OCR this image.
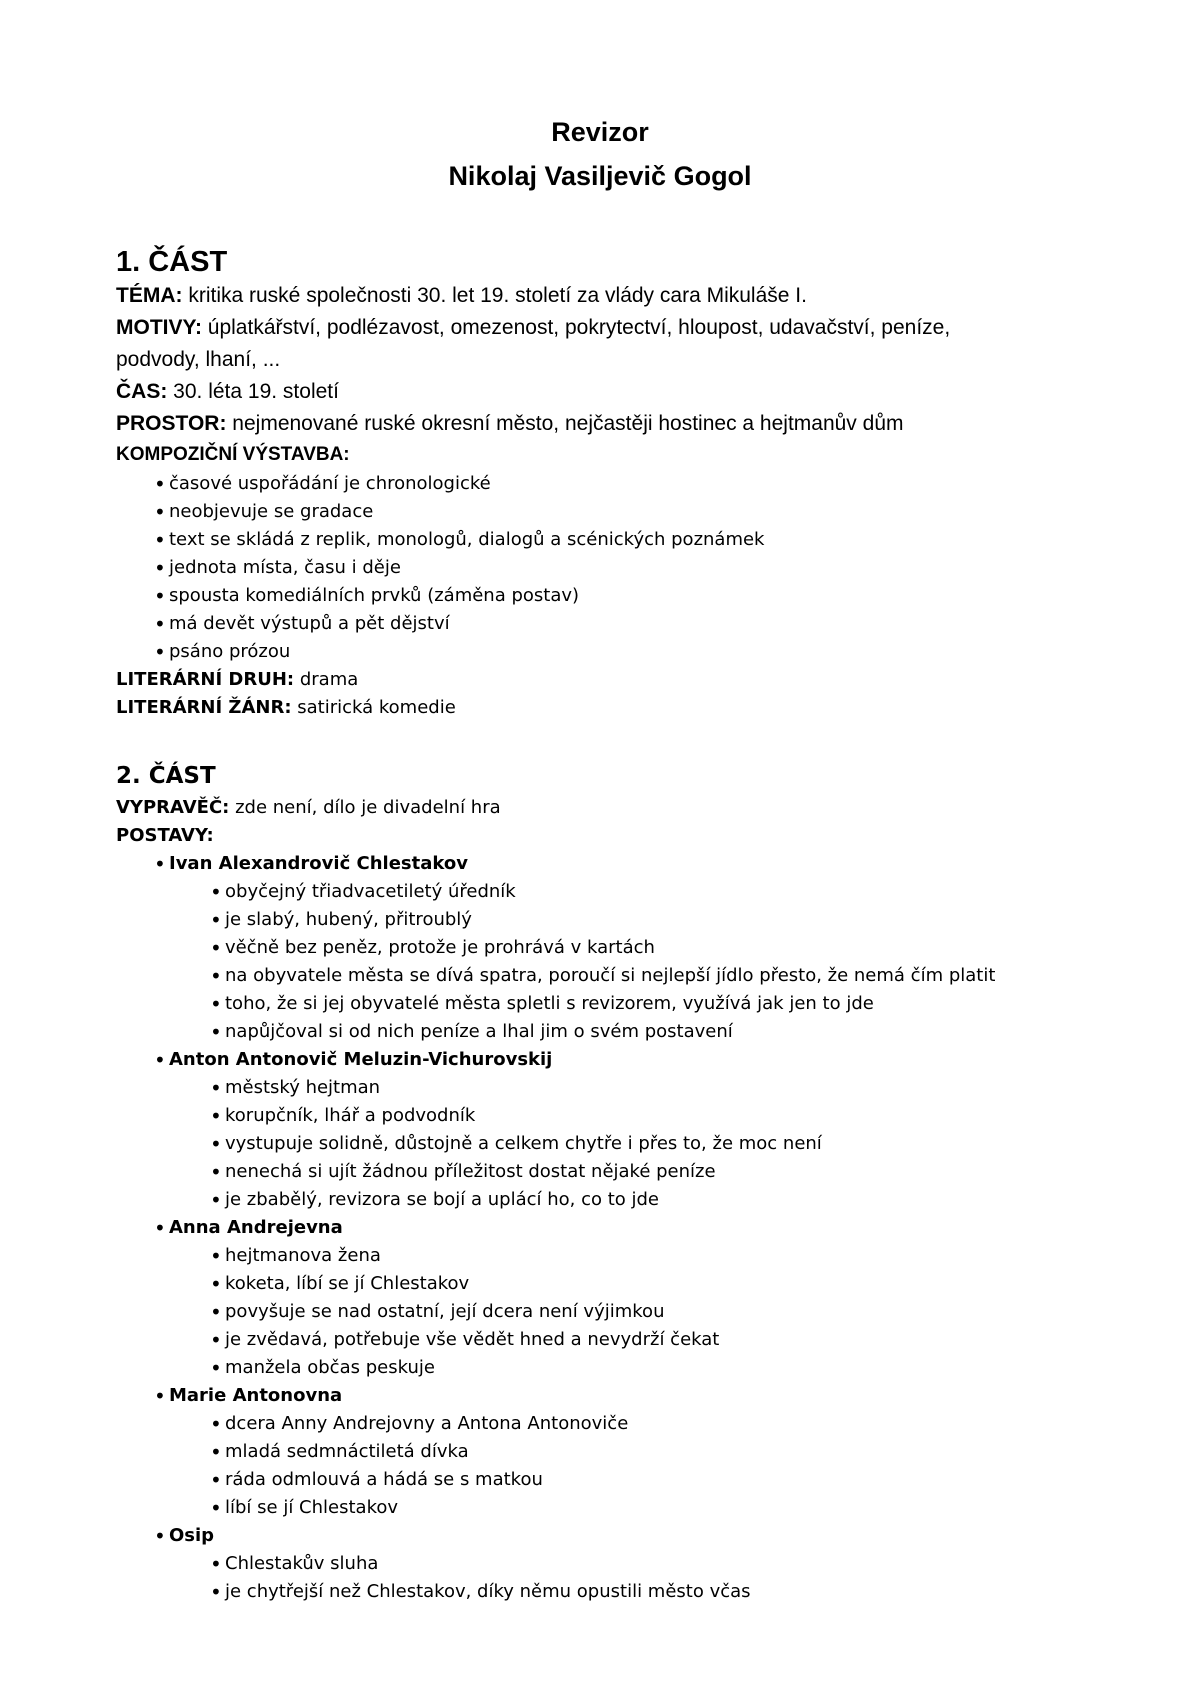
Revizor
Nikolaj Vasiljevič Gogol
1. ČÁST
TÉMA: kritika ruské společnosti 30. let 19. století za vlády cara Mikuláše I.
MOTIVY: úplatkářství, podlézavost, omezenost, pokrytectví, hloupost, udavačství, peníze,
podvody, lhaní, ...
ČAS: 30. léta 19. století
PROSTOR: nejmenované ruské okresní město, nejčastěji hostinec a hejtmanův dům
KOMPOZIČNÍ VÝSTAVBA:
• časové uspořádání je chronologické
• neobjevuje se gradace
• text se skládá z replik, monologů, dialogů a scénických poznámek
• jednota místa, času i děje
• spousta komediálních prvků (záměna postav)
• má devět výstupů a pět dějství
• psáno prózou
LITERÁRNÍ DRUH: drama
LITERÁRNÍ ŽÁNR: satirická komedie
2. ČÁST
VYPRAVĚČ: zde není, dílo je divadelní hra
POSTAVY:
• Ivan Alexandrovič Chlestakov
• obyčejný třiadvacetiletý úředník
• je slabý, hubený, přitroublý
• věčně bez peněz, protože je prohrává v kartách
• na obyvatele města se dívá spatra, poroučí si nejlepší jídlo přesto, že nemá čím platit
• toho, že si jej obyvatelé města spletli s revizorem, využívá jak jen to jde
• napůjčoval si od nich peníze a lhal jim o svém postavení
• Anton Antonovič Meluzin-Vichurovskij
• městský hejtman
• korupčník, lhář a podvodník
• vystupuje solidně, důstojně a celkem chytře i přes to, že moc není
• nenechá si ujít žádnou příležitost dostat nějaké peníze
• je zbabělý, revizora se bojí a uplácí ho, co to jde
• Anna Andrejevna
• hejtmanova žena
• koketa, líbí se jí Chlestakov
• povyšuje se nad ostatní, její dcera není výjimkou
• je zvědavá, potřebuje vše vědět hned a nevydrží čekat
• manžela občas peskuje
• Marie Antonovna
• dcera Anny Andrejovny a Antona Antonoviče
• mladá sedmnáctiletá dívka
• ráda odmlouvá a hádá se s matkou
• líbí se jí Chlestakov
• Osip
• Chlestakův sluha
• je chytřejší než Chlestakov, díky němu opustili město včas
